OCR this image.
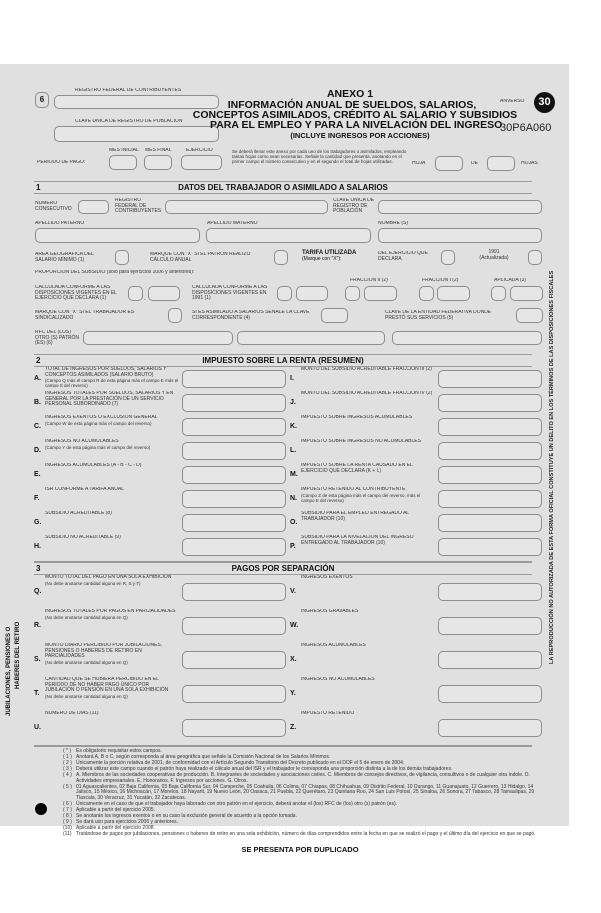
6
REGISTRO FEDERAL DE CONTRIBUYENTES
CLAVE ÚNICA DE REGISTRO DE POBLACIÓN
ANEXO 1
INFORMACIÓN ANUAL DE SUELDOS, SALARIOS,
CONCEPTOS ASIMILADOS, CRÉDITO AL SALARIO Y SUBSIDIOS
PARA EL EMPLEO Y PARA LA NIVELACIÓN DEL INGRESO
(INCLUYE INGRESOS POR ACCIONES)
ANVERSO	30
30P6A060
PERIODO DE PAGO:
MES INICIAL	MES FINAL	EJERCICIO	Se deberá llenar este anexo por cada uno de los trabajadores o asimilados, empleando tantas hojas como sean necesarias. Señale la cantidad que presenta, anotando en el primer campo el número consecutivo y en el segundo el total de hojas utilizadas.	HOJA	DE	HOJAS
1	DATOS DEL TRABAJADOR O ASIMILADO A SALARIOS
NÚMERO CONSECUTIVO
REGISTRO FEDERAL DE CONTRIBUYENTES
CLAVE ÚNICA DE REGISTRO DE POBLACIÓN
APELLIDO PATERNO	APELLIDO MATERNO	NOMBRE (S)
ÁREA GEOGRÁFICA DEL SALARIO MÍNIMO (1)
MARQUE CON "X" SI EL PATRÓN REALIZÓ CÁLCULO ANUAL
TARIFA UTILIZADA
(Marque con "X"):
DEL EJERCICIO QUE DECLARA
1991
(Actualizada)
PROPORCIÓN DEL SUBSIDIO (sólo para ejercicios 2006 y anteriores):
CALCULADA CONFORME A LAS DISPOSICIONES VIGENTES EN EL EJERCICIO QUE DECLARA (1)	.
CALCULADA CONFORME A LAS DISPOSICIONES VIGENTES EN 1991 (1)
FRACCIÓN II (2)	FRACCIÓN I (2)	APLICADA (3)
MARQUE CON "X" SI EL TRABAJADOR ES SINDICALIZADO
SI ES ASIMILADO A SALARIOS SEÑALE LA CLAVE CORRESPONDIENTE (4)
CLAVE DE LA ENTIDAD FEDERATIVA DONDE PRESTÓ SUS SERVICIOS (5)
RFC DEL (LOS) OTRO (S) PATRÓN (ES) (6)
2	IMPUESTO SOBRE LA RENTA (RESUMEN)
A.
TOTAL DE INGRESOS POR SUELDOS, SALARIOS Y CONCEPTOS ASIMILADOS (SALARIO BRUTO)
(Campo Q más el campo R de esta página más el campo E más el campo S del reverso)
B.
INGRESOS TOTALES POR SUELDOS, SALARIOS Y EN GENERAL POR LA PRESTACIÓN DE UN SERVICIO PERSONAL SUBORDINADO (7)
C.
INGRESOS EXENTOS O EXCLUSIÓN GENERAL
(Campo W de esta página más el campo del reverso)
D.
INGRESOS NO ACUMULABLES
(Campo Y de esta página más el campo del reverso)
E.
INGRESOS ACUMULABLES (A - B - C - D)
F.
ISR CONFORME A TARIFA ANUAL
G.
SUBSIDIO ACREDITABLE (8)
H.
SUBSIDIO NO ACREDITABLE (9)
I.
MONTO DEL SUBSIDIO ACREDITABLE FRACCIÓN III (2)
J.
MONTO DEL SUBSIDIO ACREDITABLE FRACCIÓN IV (2)
K.
IMPUESTO SOBRE INGRESOS ACUMULABLES
L.
IMPUESTO SOBRE INGRESOS NO ACUMULABLES
M.
IMPUESTO SOBRE LA RENTA CAUSADO EN EL EJERCICIO QUE DECLARA (K + L)
N.
IMPUESTO RETENIDO AL CONTRIBUYENTE
(Campo Z de esta página más el campo del reverso, más el campo E del reverso)
O.
SUBSIDIO PARA EL EMPLEO ENTREGADO AL TRABAJADOR (10)
P.
SUBSIDIO PARA LA NIVELACIÓN DEL INGRESO ENTREGADO AL TRABAJADOR (10)
3	PAGOS POR SEPARACIÓN
JUBILACIONES, PENSIONES O HABERES DEL RETIRO
Q.
MONTO TOTAL DEL PAGO EN UNA SOLA EXHIBICIÓN
(No debe anotarse cantidad alguna en R, S y T)
R.
INGRESOS TOTALES POR PAGOS EN PARCIALIDADES
(No debe anotarse cantidad alguna en Q)
S.
MONTO DIARIO PERCIBIDO POR JUBILACIONES, PENSIONES O HABERES DE RETIRO EN PARCIALIDADES
(No debe anotarse cantidad alguna en Q)
T.
CANTIDAD QUE SE HUBIERA PERCIBIDO EN EL PERIODO DE NO HABER PAGO ÚNICO POR JUBILACIÓN O PENSIÓN EN UNA SOLA EXHIBICIÓN
(No debe anotarse cantidad alguna en Q)
U.
NÚMERO DE DÍAS (11)
V.
INGRESOS EXENTOS
W.
INGRESOS GRAVABLES
X.
INGRESOS ACUMULABLES
Y.
INGRESOS NO ACUMULABLES
Z.
IMPUESTO RETENIDO
( * ) Es obligatorio requisitar estos campos.
( 1 ) Anotará A, B o C, según corresponda al área geográfica que señale la Comisión Nacional de los Salarios Mínimos.
( 2 ) Únicamente la porción relativa de 2001, de conformidad con el Artículo Segundo Transitorio del Decreto publicado en el DOF el 5 de enero de 2004.
( 3 ) Deberá utilizar este campo cuando el patrón haya realizado el cálculo anual del ISR y el trabajador le corresponda una proporción distinta a la de los demás trabajadores.
( 4 ) A. Miembros de las sociedades cooperativas de producción. B. Integrantes de sociedades y asociaciones civiles. C. Miembros de consejos directivos, de vigilancia, consultivos o de cualquier otra índole. D. Actividades empresariales. E. Honorarios. F. Ingresos por acciones. G. Otros.
( 5 ) 01 Aguascalientes, 02 Baja California, 03 Baja California Sur, 04 Campeche, 05 Coahuila, 06 Colima, 07 Chiapas, 08 Chihuahua, 09 Distrito Federal, 10 Durango, 11 Guanajuato, 12 Guerrero, 13 Hidalgo, 14 Jalisco, 15 México, 16 Michoacán, 17 Morelos, 18 Nayarit, 19 Nuevo León, 20 Oaxaca, 21 Puebla, 22 Querétaro, 23 Quintana Roo, 24 San Luis Potosí, 25 Sinaloa, 26 Sonora, 27 Tabasco, 28 Tamaulipas, 29 Tlaxcala, 30 Veracruz, 31 Yucatán, 32 Zacatecas.
( 6 ) Únicamente en el caso de que el trabajador haya laborado con otro patrón en el ejercicio, deberá anotar el (los) RFC de (los) otro (s) patrón (es).
( 7 ) Aplicable a partir del ejercicio 2005.
( 8 ) Se anotarán los ingresos exentos o en su caso la exclusión general de acuerdo a la opción tomada.
( 9 ) Se dará uso para ejercicios 2006 y anteriores.
(10) Aplicable a partir del ejercicio 2008.
(11) Tratándose de pagos por jubilaciones, pensiones o haberes de retiro en una sola exhibición, número de días comprendidos entre la fecha en que se realizó el pago y el último día del ejercicio en que se pagó.
SE PRESENTA POR DUPLICADO
LA REPRODUCCIÓN NO AUTORIZADA DE ESTA FORMA OFICIAL CONSTITUYE UN DELITO EN LOS TÉRMINOS DE LAS DISPOSICIONES FISCALES
